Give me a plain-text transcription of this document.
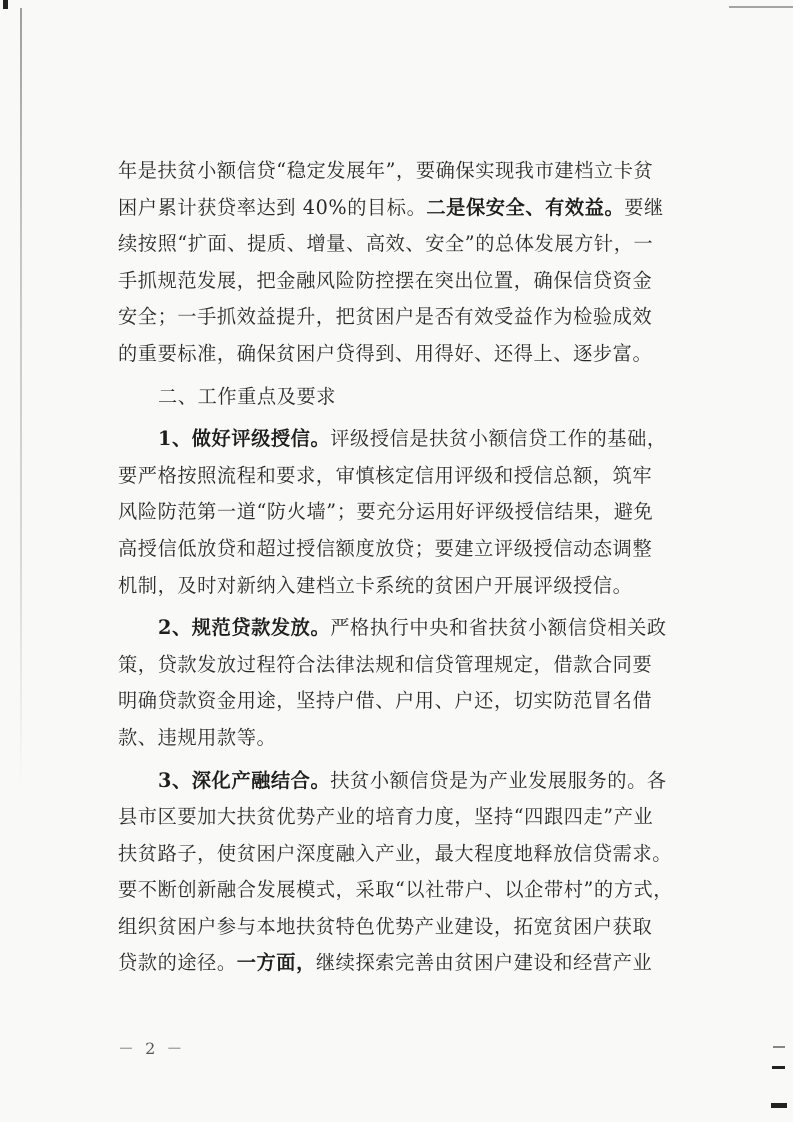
年是扶贫小额信贷“稳定发展年”，要确保实现我市建档立卡贫
困户累计获贷率达到 40%的目标。二是保安全、有效益。要继
续按照“扩面、提质、增量、高效、安全”的总体发展方针，一
手抓规范发展，把金融风险防控摆在突出位置，确保信贷资金
安全；一手抓效益提升，把贫困户是否有效受益作为检验成效
的重要标准，确保贫困户贷得到、用得好、还得上、逐步富。
二、工作重点及要求
1、做好评级授信。评级授信是扶贫小额信贷工作的基础，
要严格按照流程和要求，审慎核定信用评级和授信总额，筑牢
风险防范第一道“防火墙”；要充分运用好评级授信结果，避免
高授信低放贷和超过授信额度放贷；要建立评级授信动态调整
机制，及时对新纳入建档立卡系统的贫困户开展评级授信。
2、规范贷款发放。严格执行中央和省扶贫小额信贷相关政
策，贷款发放过程符合法律法规和信贷管理规定，借款合同要
明确贷款资金用途，坚持户借、户用、户还，切实防范冒名借
款、违规用款等。
3、深化产融结合。扶贫小额信贷是为产业发展服务的。各
县市区要加大扶贫优势产业的培育力度，坚持“四跟四走”产业
扶贫路子，使贫困户深度融入产业，最大程度地释放信贷需求。
要不断创新融合发展模式，采取“以社带户、以企带村”的方式，
组织贫困户参与本地扶贫特色优势产业建设，拓宽贫困户获取
贷款的途径。一方面，继续探索完善由贫困户建设和经营产业
－ 2 －
